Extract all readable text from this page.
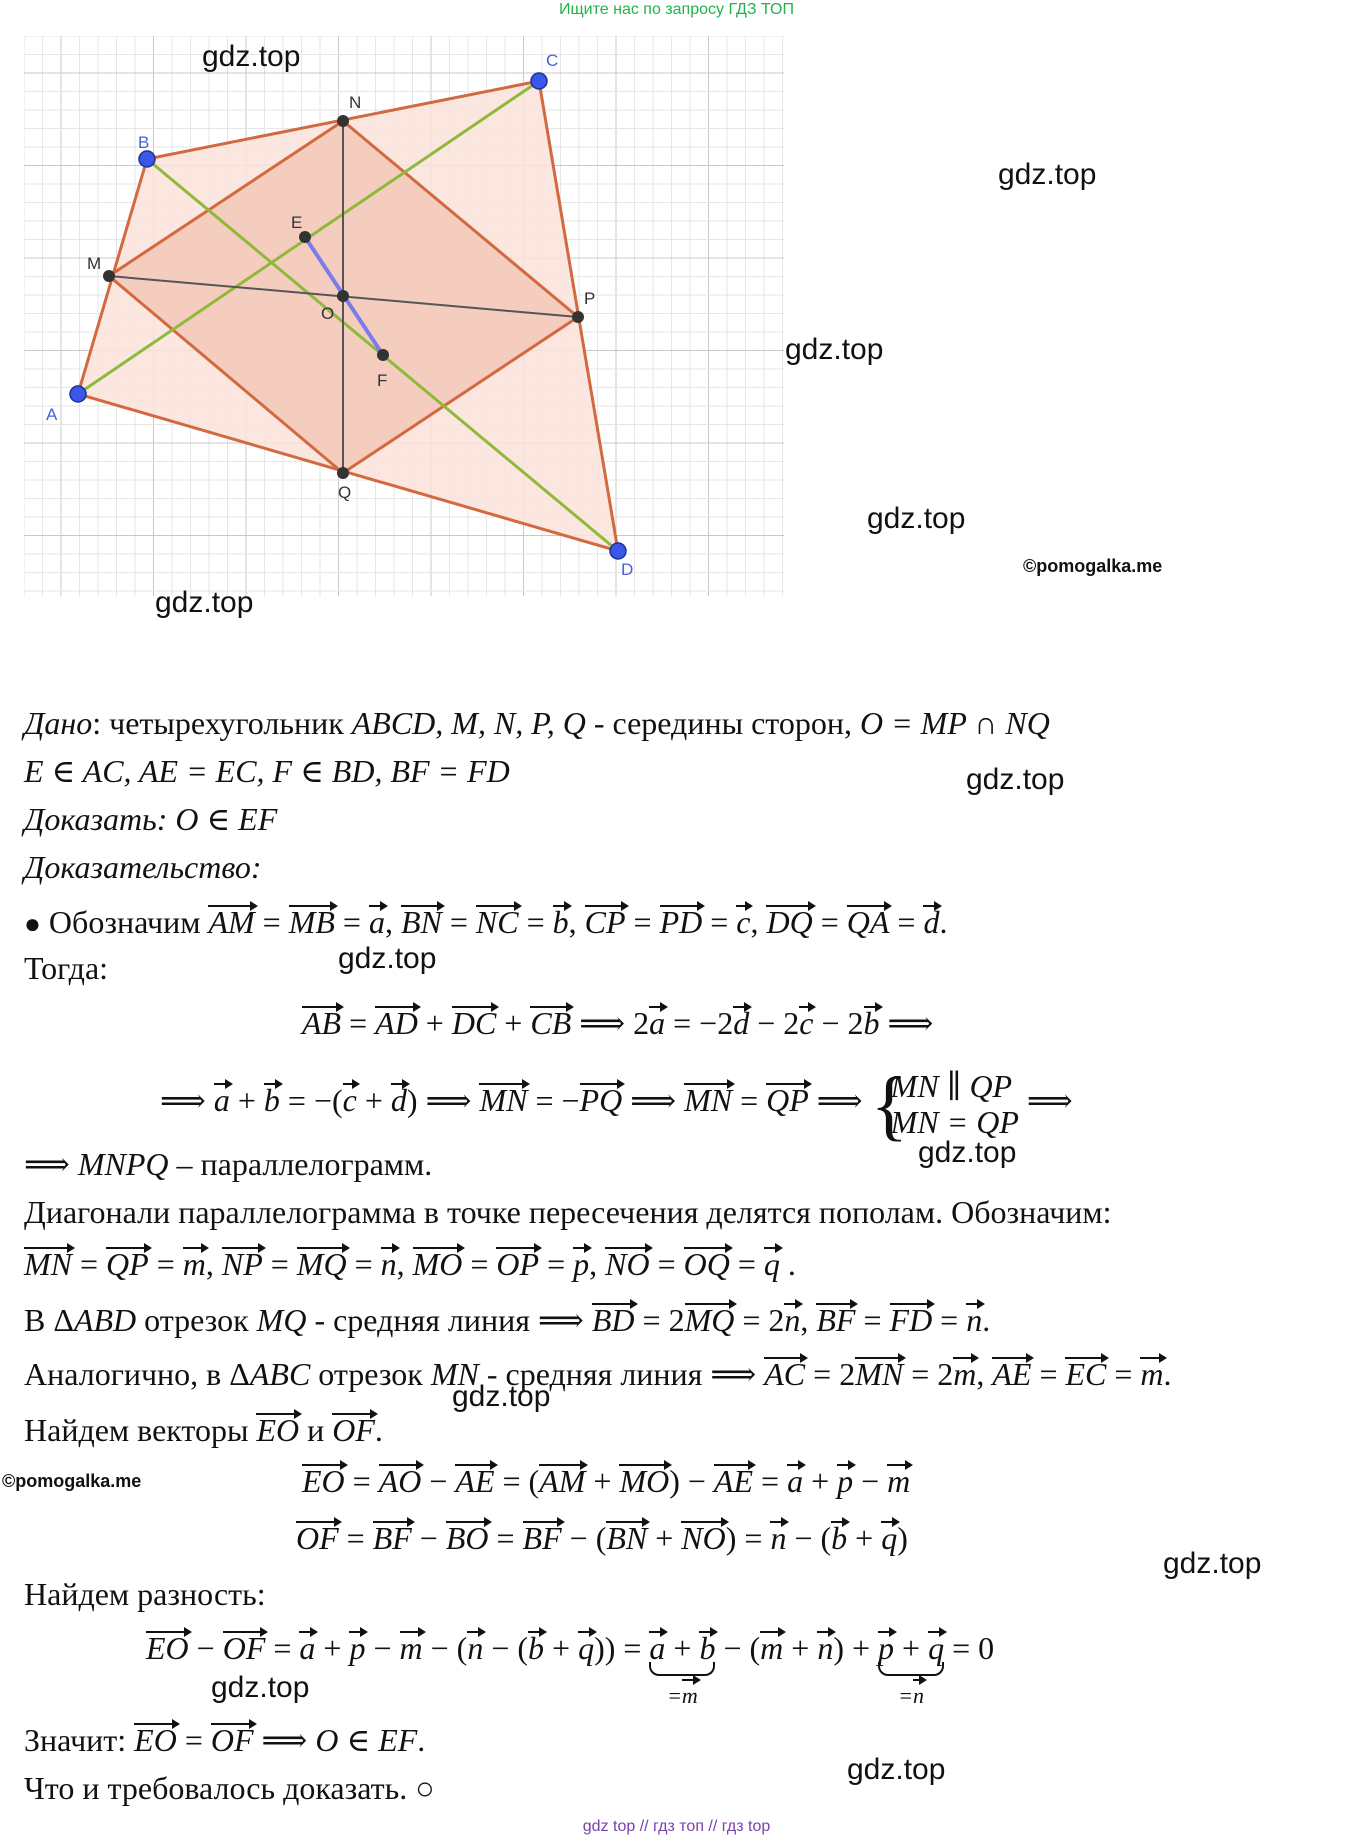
Ищите нас по запросу ГДЗ ТОП
A
B
C
D
M
N
P
Q
E
F
O
gdz.top
gdz.top
gdz.top
gdz.top
gdz.top
©pomogalka.me
gdz.top
gdz.top
gdz.top
gdz.top
©pomogalka.me
gdz.top
gdz.top
gdz.top
Дано: четырехугольник ABCD, M, N, P, Q - середины сторон, O = MP ∩ NQ
E ∈ AC, AE = EC, F ∈ BD, BF = FD
Доказать: O ∈ EF
Доказательство:
● Обозначим AM = MB = a, BN = NC = b, CP = PD = c, DQ = QA = d.
Тогда:
AB = AD + DC + CB ⟹ 2a = −2d − 2c − 2b ⟹
⟹ a + b = −(c + d) ⟹ MN = −PQ ⟹ MN = QP ⟹ { MN ∥ QP
MN = QP ⟹
⟹ MNPQ – параллелограмм.
Диагонали параллелограмма в точке пересечения делятся пополам. Обозначим:
MN = QP = m, NP = MQ = n, MO = OP = p, NO = OQ = q .
В ΔABD отрезок MQ - средняя линия ⟹ BD = 2MQ = 2n, BF = FD = n.
Аналогично, в ΔABC отрезок MN - средняя линия ⟹ AC = 2MN = 2m, AE = EC = m.
Найдем векторы EO и OF.
EO = AO − AE = (AM + MO) − AE = a + p − m
OF = BF − BO = BF − (BN + NO) = n − (b + q)
Найдем разность:
EO − OF = a + p − m − (n − (b + q)) = a + b
=m
− (m + n) + p + q
=n
= 0
Значит: EO = OF ⟹ O ∈ EF.
Что и требовалось доказать. ○
gdz top // гдз топ // гдз top
